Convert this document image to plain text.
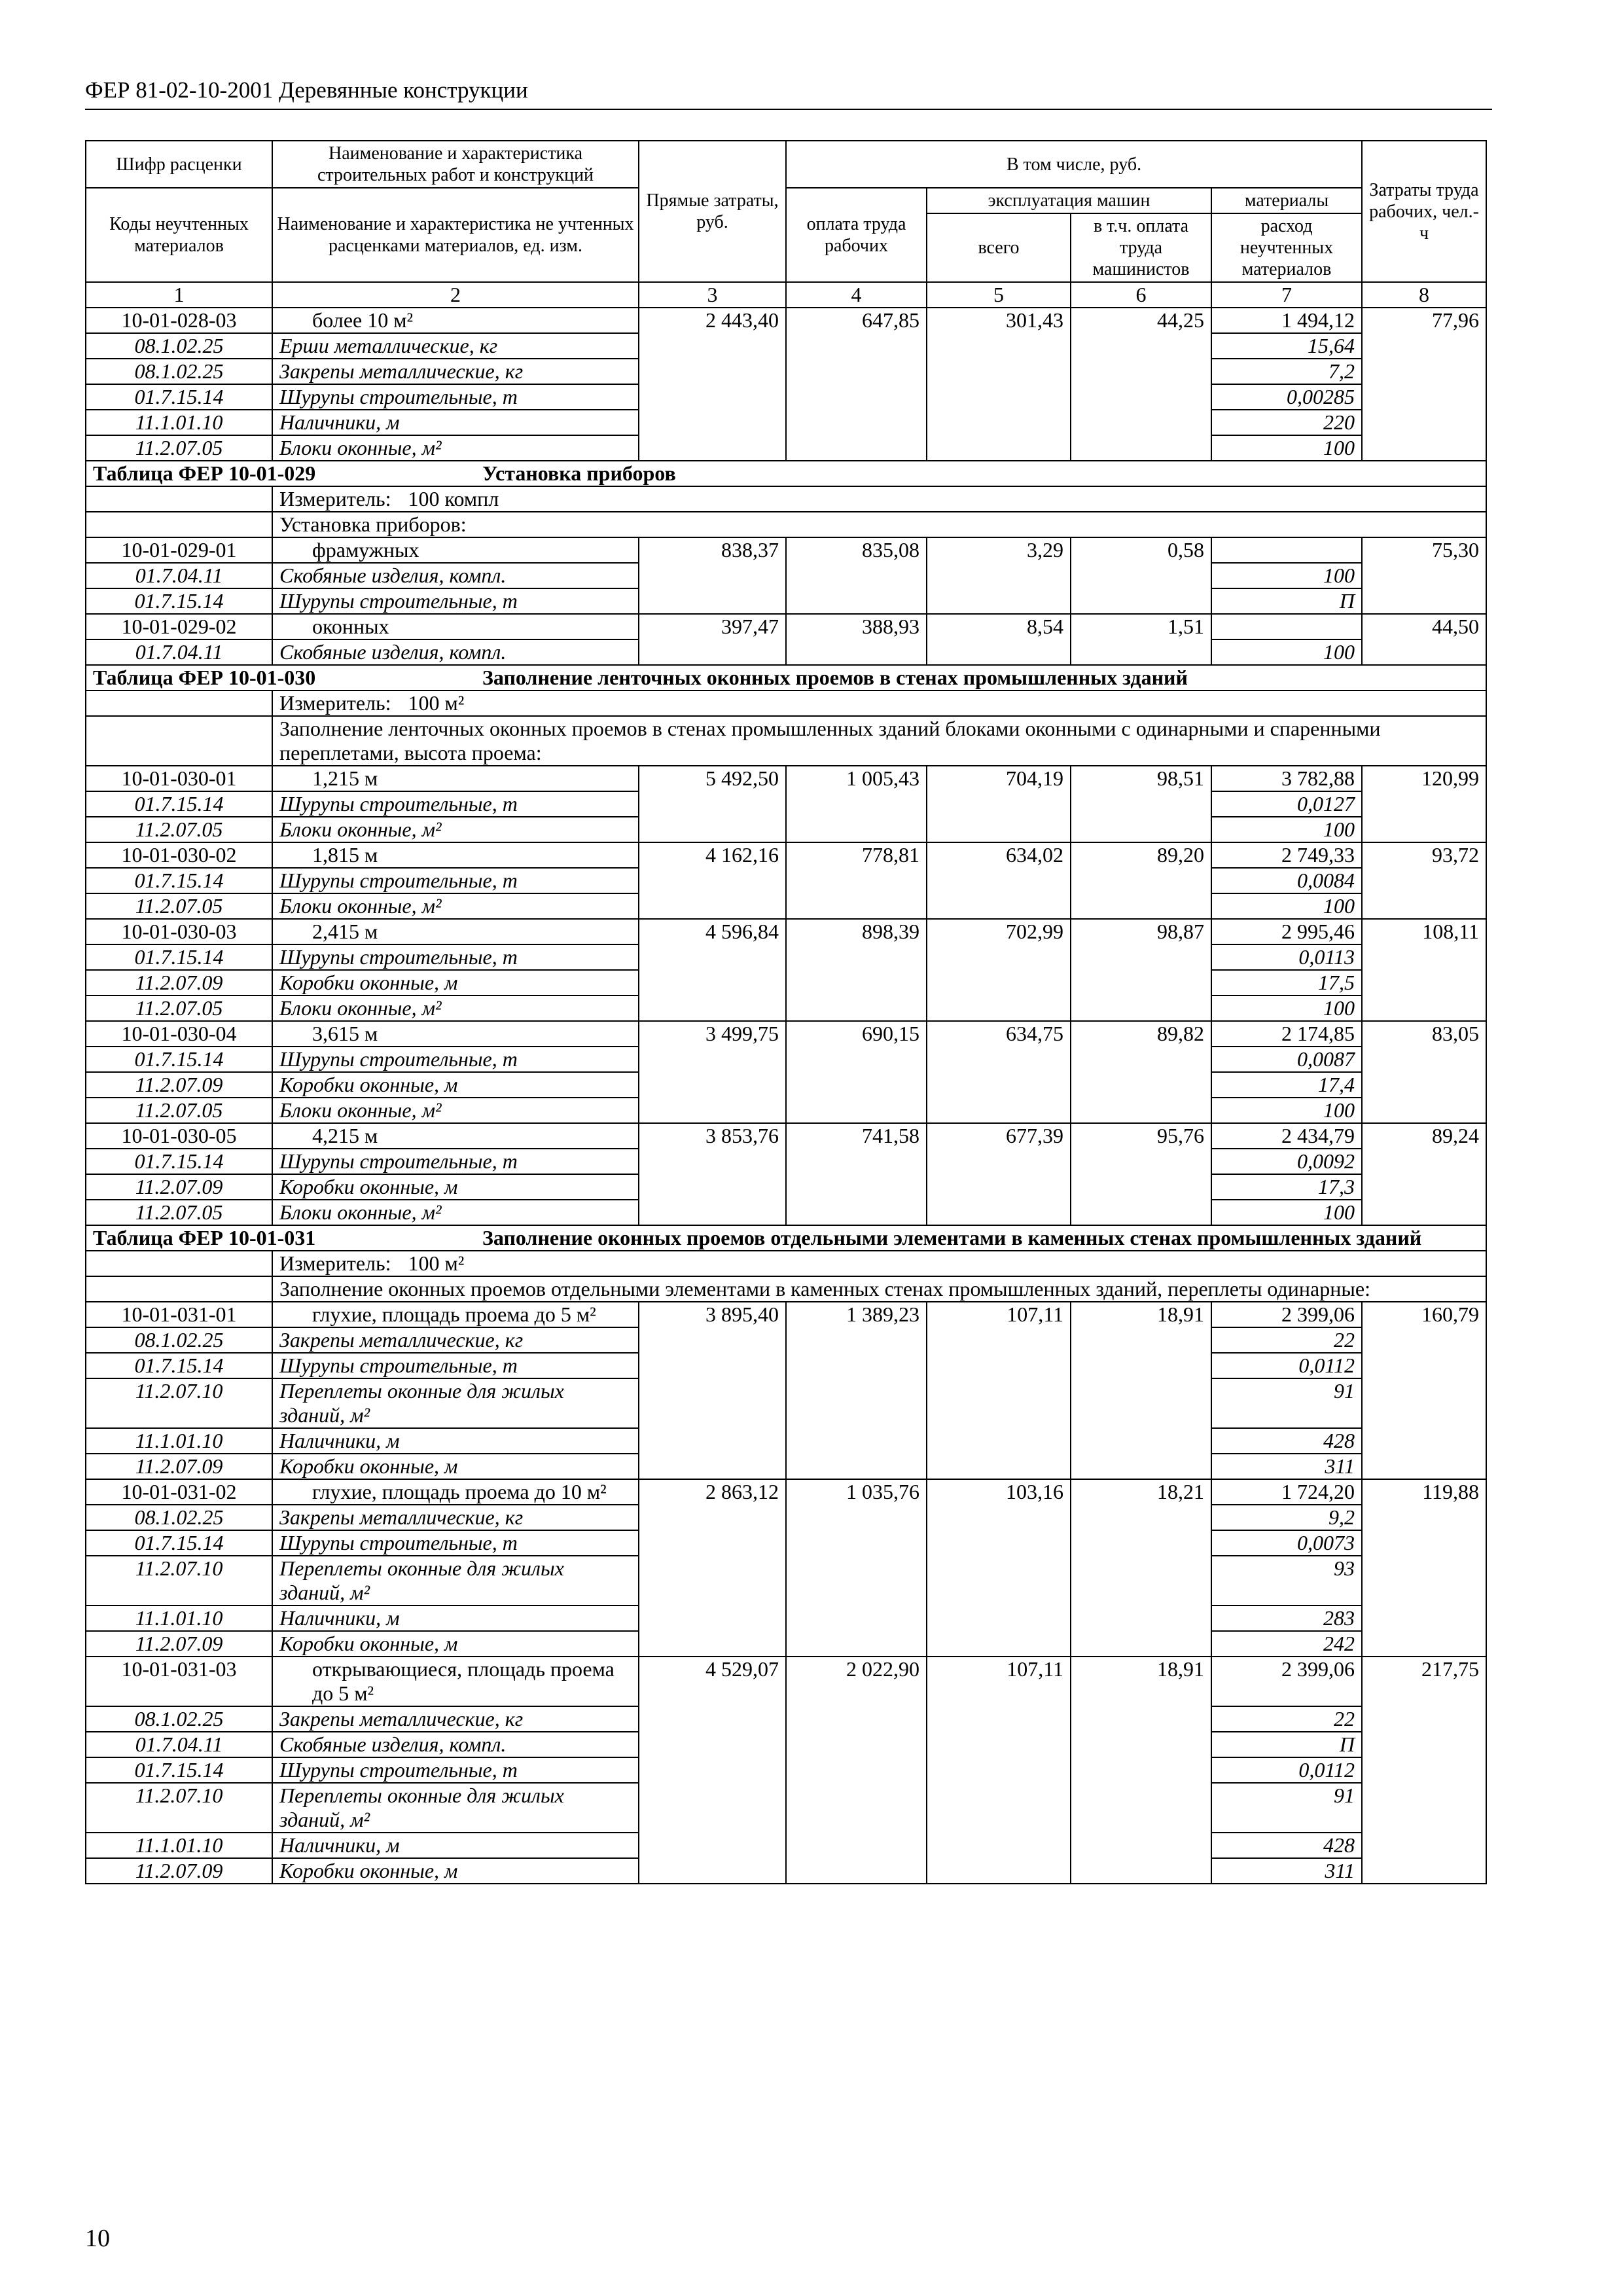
ФЕР 81-02-10-2001 Деревянные конструкции
Шифр расценки	Наименование и характеристика строительных работ и конструкций	Прямые затраты, руб.	В том числе, руб.				Затраты труда рабочих, чел.-ч

Коды неучтенных материалов	Наименование и характеристика не учтенных расценками материалов, ед. изм.		оплата труда рабочих	эксплуатация машин		материалы	
				всего	в т.ч. оплата труда машинистов	расход неучтенных материалов	
1	2	3	4	5	6	7	8
10-01-028-03	более 10 м²	2 443,40	647,85	301,43	44,25	1 494,12	77,96
08.1.02.25	Ерши металлические, кг					15,64	
08.1.02.25	Закрепы металлические, кг					7,2	
01.7.15.14	Шурупы строительные, т					0,00285	
11.1.01.10	Наличники, м					220	
11.2.07.05	Блоки оконные, м²					100	
Таблица ФЕР 10-01-029 Установка приборов							
	Измеритель: 100 компл						
	Установка приборов:						
10-01-029-01	фрамужных	838,37	835,08	3,29	0,58		75,30
01.7.04.11	Скобяные изделия, компл.					100	
01.7.15.14	Шурупы строительные, т					П	
10-01-029-02	оконных	397,47	388,93	8,54	1,51		44,50
01.7.04.11	Скобяные изделия, компл.					100	
Таблица ФЕР 10-01-030 Заполнение ленточных оконных проемов в стенах промышленных зданий							
	Измеритель: 100 м²						
	Заполнение ленточных оконных проемов в стенах промышленных зданий блоками оконными с одинарными и спаренными переплетами, высота проема:						
10-01-030-01	1,215 м	5 492,50	1 005,43	704,19	98,51	3 782,88	120,99
01.7.15.14	Шурупы строительные, т					0,0127	
11.2.07.05	Блоки оконные, м²					100	
10-01-030-02	1,815 м	4 162,16	778,81	634,02	89,20	2 749,33	93,72
01.7.15.14	Шурупы строительные, т					0,0084	
11.2.07.05	Блоки оконные, м²					100	
10-01-030-03	2,415 м	4 596,84	898,39	702,99	98,87	2 995,46	108,11
01.7.15.14	Шурупы строительные, т					0,0113	
11.2.07.09	Коробки оконные, м					17,5	
11.2.07.05	Блоки оконные, м²					100	
10-01-030-04	3,615 м	3 499,75	690,15	634,75	89,82	2 174,85	83,05
01.7.15.14	Шурупы строительные, т					0,0087	
11.2.07.09	Коробки оконные, м					17,4	
11.2.07.05	Блоки оконные, м²					100	
10-01-030-05	4,215 м	3 853,76	741,58	677,39	95,76	2 434,79	89,24
01.7.15.14	Шурупы строительные, т					0,0092	
11.2.07.09	Коробки оконные, м					17,3	
11.2.07.05	Блоки оконные, м²					100	
Таблица ФЕР 10-01-031 Заполнение оконных проемов отдельными элементами в каменных стенах промышленных зданий							
	Измеритель: 100 м²						
	Заполнение оконных проемов отдельными элементами в каменных стенах промышленных зданий, переплеты одинарные:						
10-01-031-01	глухие, площадь проема до 5 м²	3 895,40	1 389,23	107,11	18,91	2 399,06	160,79
08.1.02.25	Закрепы металлические, кг					22	
01.7.15.14	Шурупы строительные, т					0,0112	
11.2.07.10	Переплеты оконные для жилых зданий, м²					91	
11.1.01.10	Наличники, м					428	
11.2.07.09	Коробки оконные, м					311	
10-01-031-02	глухие, площадь проема до 10 м²	2 863,12	1 035,76	103,16	18,21	1 724,20	119,88
08.1.02.25	Закрепы металлические, кг					9,2	
01.7.15.14	Шурупы строительные, т					0,0073	
11.2.07.10	Переплеты оконные для жилых зданий, м²					93	
11.1.01.10	Наличники, м					283	
11.2.07.09	Коробки оконные, м					242	
10-01-031-03	открывающиеся, площадь проема до 5 м²	4 529,07	2 022,90	107,11	18,91	2 399,06	217,75
08.1.02.25	Закрепы металлические, кг					22	
01.7.04.11	Скобяные изделия, компл.					П	
01.7.15.14	Шурупы строительные, т					0,0112	
11.2.07.10	Переплеты оконные для жилых зданий, м²					91	
11.1.01.10	Наличники, м					428	
11.2.07.09	Коробки оконные, м					311	
10
